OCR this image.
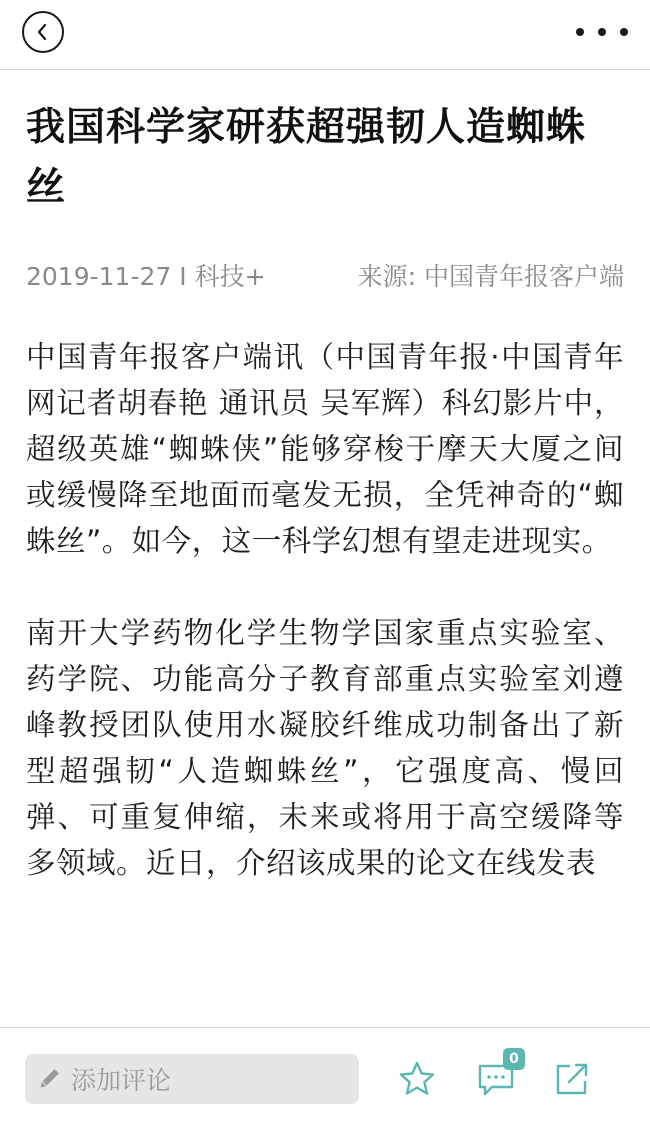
我国科学家研获超强韧人造蜘蛛丝
2019-11-27 I 科技+	来源: 中国青年报客户端

中国青年报客户端讯（中国青年报·中国青年网记者胡春艳 通讯员 吴军辉）科幻影片中，超级英雄“蜘蛛侠”能够穿梭于摩天大厦之间或缓慢降至地面而毫发无损，全凭神奇的“蜘蛛丝”。如今，这一科学幻想有望走进现实。

南开大学药物化学生物学国家重点实验室、药学院、功能高分子教育部重点实验室刘遵峰教授团队使用水凝胶纤维成功制备出了新型超强韧“人造蜘蛛丝”，它强度高、慢回弹、可重复伸缩，未来或将用于高空缓降等多领域。近日，介绍该成果的论文在线发表

添加评论
0
